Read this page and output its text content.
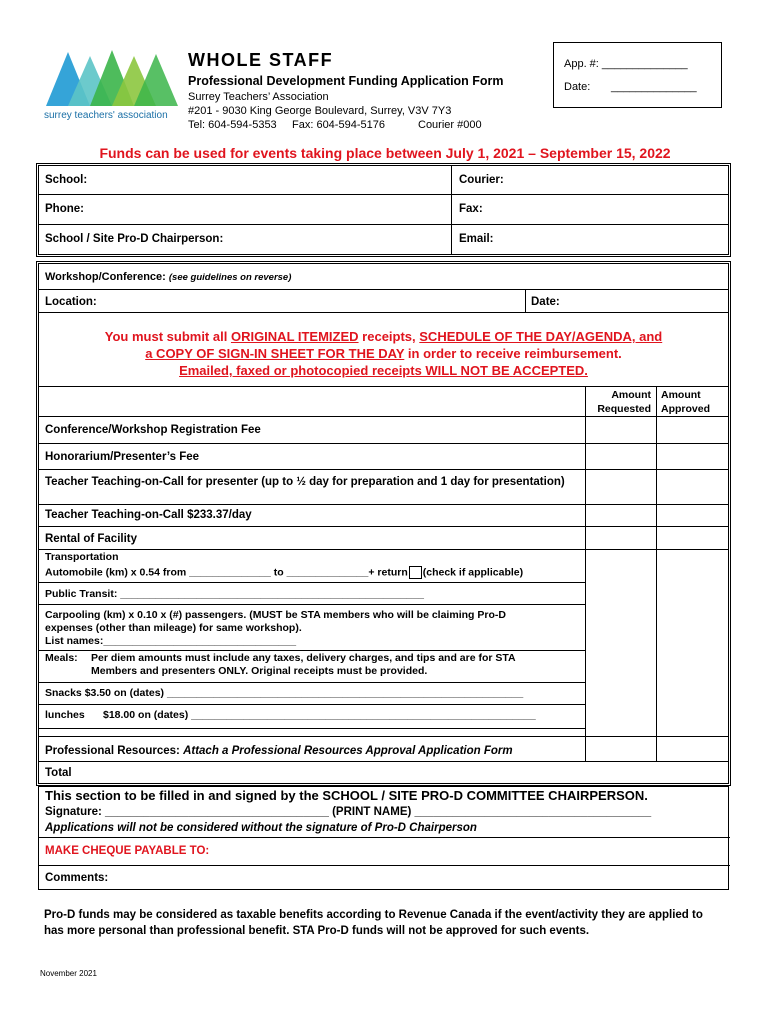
surrey teachers' association
WHOLE STAFF
Professional Development Funding Application Form
Surrey Teachers’ Association
#201 - 9030 King George Boulevard, Surrey, V3V 7Y3
Tel: 604-594-5353 Fax: 604-594-5176	Courier #000
App. #: ______________
Date: ______________
Funds can be used for events taking place between July 1, 2021 – September 15, 2022
School:	Courier:
Phone:	Fax:
School / Site Pro-D Chairperson:	Email:
Workshop/Conference: (see guidelines on reverse)
Location:	Date:
You must submit all ORIGINAL ITEMIZED receipts, SCHEDULE OF THE DAY/AGENDA, and
a COPY OF SIGN-IN SHEET FOR THE DAY in order to receive reimbursement.
Emailed, faxed or photocopied receipts WILL NOT BE ACCEPTED.
Amount Requested
Amount Approved
Conference/Workshop Registration Fee
Honorarium/Presenter’s Fee
Teacher Teaching-on-Call for presenter (up to ½ day for preparation and 1 day for presentation)
Teacher Teaching-on-Call $233.37/day
Rental of Facility
Transportation
Automobile (km) x 0.54 from ______________ to ______________+ return (check if applicable)
Public Transit: ____________________________________________________
Carpooling (km) x 0.10 x (#) passengers. (MUST be STA members who will be claiming Pro-D
expenses (other than mileage) for same workshop).
List names:_________________________________
Meals: Per diem amounts must include any taxes, delivery charges, and tips and are for STA
Members and presenters ONLY. Original receipts must be provided.
Snacks $3.50 on (dates) _____________________________________________________________
lunches $18.00 on (dates) ___________________________________________________________
Professional Resources: Attach a Professional Resources Approval Application Form
Total
This section to be filled in and signed by the SCHOOL / SITE PRO-D COMMITTEE CHAIRPERSON.
Signature: ___________________________________ (PRINT NAME) _____________________________________
Applications will not be considered without the signature of Pro-D Chairperson
MAKE CHEQUE PAYABLE TO:
Comments:
Pro-D funds may be considered as taxable benefits according to Revenue Canada if the event/activity they are applied to has more personal than professional benefit. STA Pro-D funds will not be approved for such events.
November 2021
